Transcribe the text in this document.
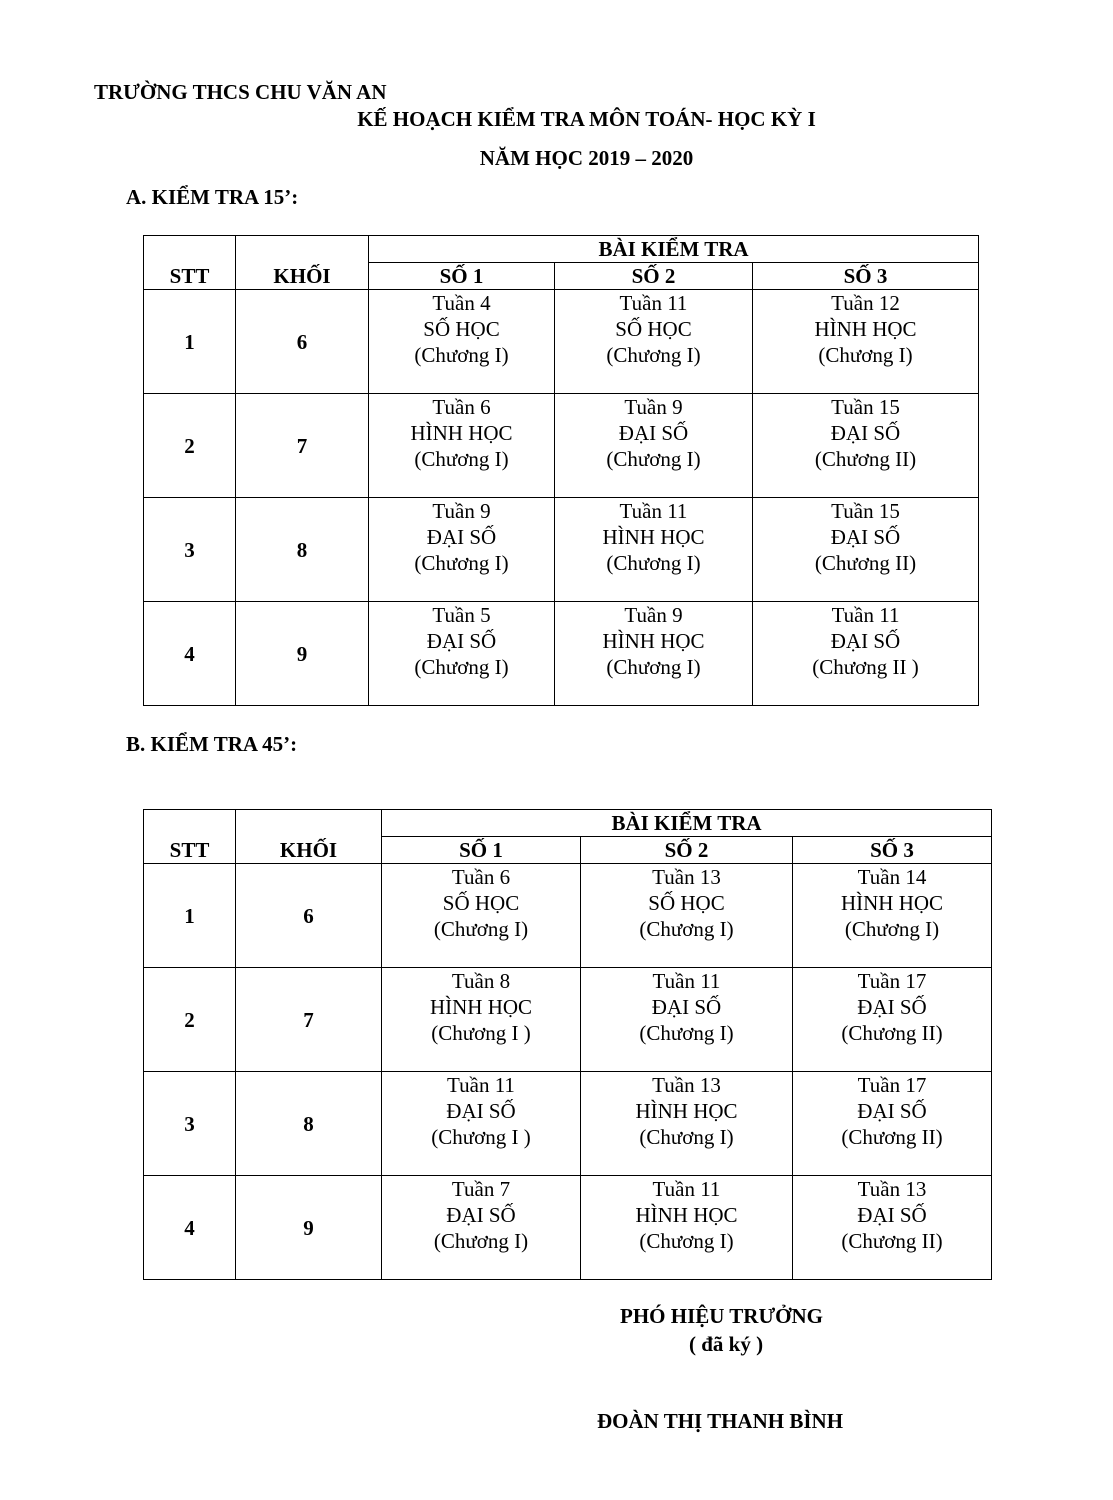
TRƯỜNG THCS CHU VĂN AN
KẾ HOẠCH KIỂM TRA MÔN TOÁN- HỌC KỲ I
NĂM HỌC 2019 – 2020
A. KIỂM TRA 15’:
STT	KHỐI	BÀI KIỂM TRA		
		SỐ 1	SỐ 2	SỐ 3
1	6	Tuần 4
SỐ HỌC
(Chương I)	Tuần 11
SỐ HỌC
(Chương I)	Tuần 12
HÌNH HỌC
(Chương I)

2	7	Tuần 6
HÌNH HỌC
(Chương I)	Tuần 9
ĐẠI SỐ
(Chương I)	Tuần 15
ĐẠI SỐ
(Chương II)

3	8	Tuần 9
ĐẠI SỐ
(Chương I)	Tuần 11
HÌNH HỌC
(Chương I)	Tuần 15
ĐẠI SỐ
(Chương II)

4	9	Tuần 5
ĐẠI SỐ
(Chương I)	Tuần 9
HÌNH HỌC
(Chương I)	Tuần 11
ĐẠI SỐ
(Chương II )
B. KIỂM TRA 45’:
STT	KHỐI	BÀI KIỂM TRA		
		SỐ 1	SỐ 2	SỐ 3
1	6	Tuần 6
SỐ HỌC
(Chương I)	Tuần 13
SỐ HỌC
(Chương I)	Tuần 14
HÌNH HỌC
(Chương I)

2	7	Tuần 8
HÌNH HỌC
(Chương I )	Tuần 11
ĐẠI SỐ
(Chương I)	Tuần 17
ĐẠI SỐ
(Chương II)

3	8	Tuần 11
ĐẠI SỐ
(Chương I )	Tuần 13
HÌNH HỌC
(Chương I)	Tuần 17
ĐẠI SỐ
(Chương II)

4	9	Tuần 7
ĐẠI SỐ
(Chương I)	Tuần 11
HÌNH HỌC
(Chương I)	Tuần 13
ĐẠI SỐ
(Chương II)
PHÓ HIỆU TRƯỞNG
( đã ký )
ĐOÀN THỊ THANH BÌNH
